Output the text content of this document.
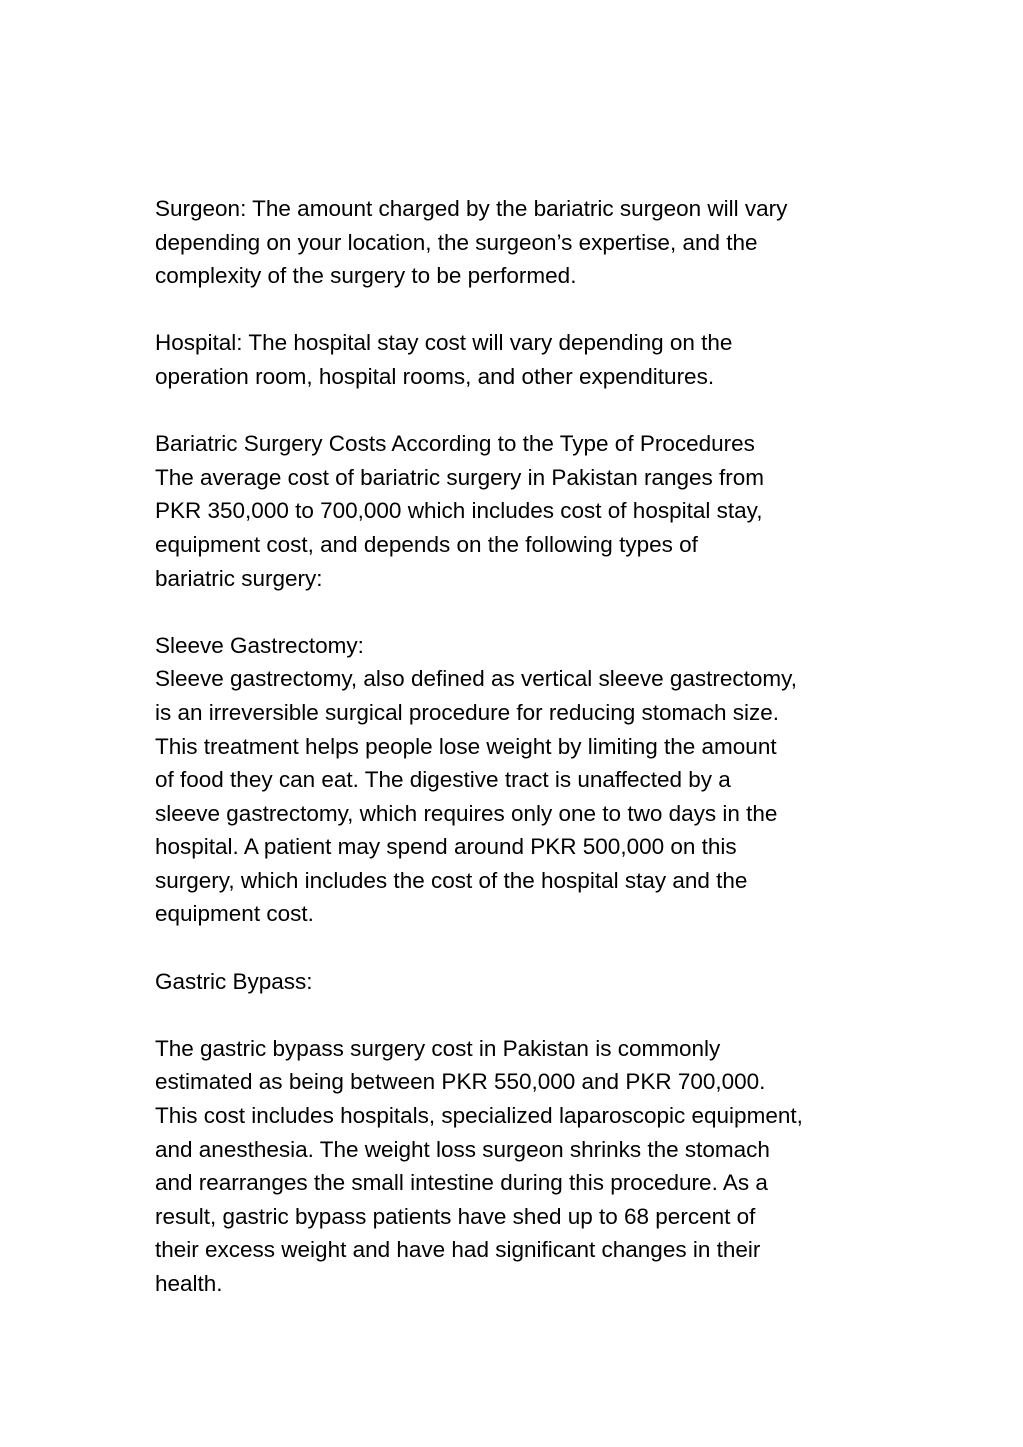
Surgeon: The amount charged by the bariatric surgeon will vary
depending on your location, the surgeon’s expertise, and the
complexity of the surgery to be performed.
Hospital: The hospital stay cost will vary depending on the
operation room, hospital rooms, and other expenditures.
Bariatric Surgery Costs According to the Type of Procedures
The average cost of bariatric surgery in Pakistan ranges from
PKR 350,000 to 700,000 which includes cost of hospital stay,
equipment cost, and depends on the following types of
bariatric surgery:
Sleeve Gastrectomy:
Sleeve gastrectomy, also defined as vertical sleeve gastrectomy,
is an irreversible surgical procedure for reducing stomach size.
This treatment helps people lose weight by limiting the amount
of food they can eat. The digestive tract is unaffected by a
sleeve gastrectomy, which requires only one to two days in the
hospital. A patient may spend around PKR 500,000 on this
surgery, which includes the cost of the hospital stay and the
equipment cost.
Gastric Bypass:
The gastric bypass surgery cost in Pakistan is commonly
estimated as being between PKR 550,000 and PKR 700,000.
This cost includes hospitals, specialized laparoscopic equipment,
and anesthesia. The weight loss surgeon shrinks the stomach
and rearranges the small intestine during this procedure. As a
result, gastric bypass patients have shed up to 68 percent of
their excess weight and have had significant changes in their
health.
